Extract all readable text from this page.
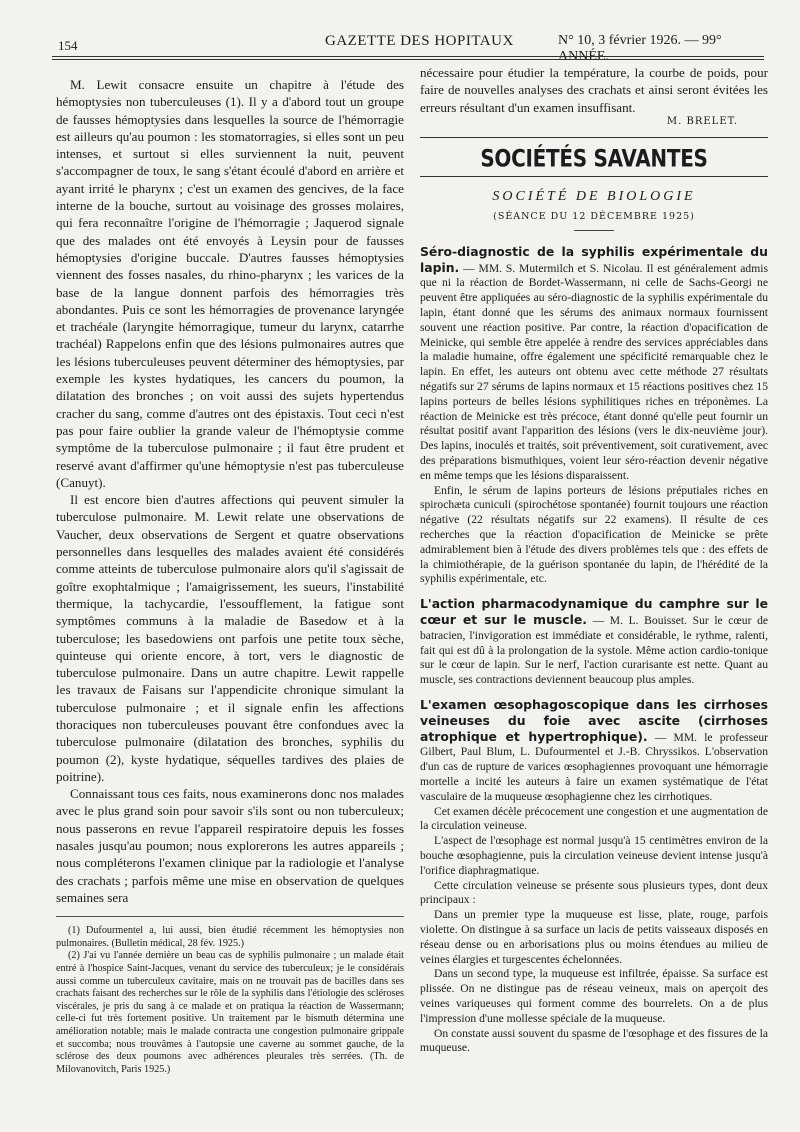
154	GAZETTE DES HOPITAUX	N° 10, 3 février 1926. — 99° ANNÉE.

M. Lewit consacre ensuite un chapitre à l'étude des hémoptysies non tuberculeuses (1). Il y a d'abord tout un groupe de fausses hémoptysies dans lesquelles la source de l'hémorragie est ailleurs qu'au poumon : les stomatorragies, si elles sont un peu intenses, et surtout si elles surviennent la nuit, peuvent s'accompagner de toux, le sang s'étant écoulé d'abord en arrière et ayant irrité le pharynx ; c'est un examen des gencives, de la face interne de la bouche, surtout au voisinage des grosses molaires, qui fera reconnaître l'origine de l'hémorragie ; Jaquerod signale que des malades ont été envoyés à Leysin pour de fausses hémoptysies d'origine buccale. D'autres fausses hémoptysies viennent des fosses nasales, du rhino-pharynx ; les varices de la base de la langue donnent parfois des hémorragies très abondantes. Puis ce sont les hémorragies de provenance laryngée et trachéale (laryngite hémorragique, tumeur du larynx, catarrhe trachéal) Rappelons enfin que des lésions pulmonaires autres que les lésions tuberculeuses peuvent déterminer des hémoptysies, par exemple les kystes hydatiques, les cancers du poumon, la dilatation des bronches ; on voit aussi des sujets hypertendus cracher du sang, comme d'autres ont des épistaxis. Tout ceci n'est pas pour faire oublier la grande valeur de l'hémoptysie comme symptôme de la tuberculose pulmonaire ; il faut être prudent et reservé avant d'affirmer qu'une hémoptysie n'est pas tuberculeuse (Canuyt).

Il est encore bien d'autres affections qui peuvent simuler la tuberculose pulmonaire. M. Lewit relate une observations de Vaucher, deux observations de Sergent et quatre observations personnelles dans lesquelles des malades avaient été considérés comme atteints de tuberculose pulmonaire alors qu'il s'agissait de goître exophtalmique ; l'amaigrissement, les sueurs, l'instabilité thermique, la tachycardie, l'essoufflement, la fatigue sont symptômes communs à la maladie de Basedow et à la tuberculose; les basedowiens ont parfois une petite toux sèche, quinteuse qui oriente encore, à tort, vers le diagnostic de tuberculose pulmonaire. Dans un autre chapitre. Lewit rappelle les travaux de Faisans sur l'appendicite chronique simulant la tuberculose pulmonaire ; et il signale enfin les affections thoraciques non tuberculeuses pouvant être confondues avec la tuberculose pulmonaire (dilatation des bronches, syphilis du poumon (2), kyste hydatique, séquelles tardives des plaies de poitrine).

Connaissant tous ces faits, nous examinerons donc nos malades avec le plus grand soin pour savoir s'ils sont ou non tuberculeux; nous passerons en revue l'appareil respiratoire depuis les fosses nasales jusqu'au poumon; nous explorerons les autres appareils ; nous compléterons l'examen clinique par la radiologie et l'analyse des crachats ; parfois même une mise en observation de quelques semaines sera

(1) Dufourmentel a, lui aussi, bien étudié récemment les hémoptysies non pulmonaires. (Bulletin médical, 28 fév. 1925.)

(2) J'ai vu l'année dernière un beau cas de syphilis pulmonaire ; un malade était entré à l'hospice Saint-Jacques, venant du service des tuberculeux; je le considérais aussi comme un tuberculeux cavitaire, mais on ne trouvait pas de bacilles dans ses crachats faisant des recherches sur le rôle de la syphilis dans l'étiologie des scléroses viscérales, je pris du sang à ce malade et on pratiqua la réaction de Wassermann; celle-ci fut très fortement positive. Un traitement par le bismuth détermina une amélioration notable; mais le malade contracta une congestion pulmonaire grippale et succomba; nous trouvâmes à l'autopsie une caverne au sommet gauche, de la sclérose des deux poumons avec adhérences pleurales très serrées. (Th. de Milovanovitch, Paris 1925.)

nécessaire pour étudier la température, la courbe de poids, pour faire de nouvelles analyses des crachats et ainsi seront évitées les erreurs résultant d'un examen insuffisant.

M. BRELET.
SOCIÉTÉS SAVANTES
SOCIÉTÉ DE BIOLOGIE
(SÉANCE DU 12 DÉCEMBRE 1925)

Séro-diagnostic de la syphilis expérimentale du lapin. — MM. S. Mutermilch et S. Nicolau. Il est généralement admis que ni la réaction de Bordet-Wassermann, ni celle de Sachs-Georgi ne peuvent être appliquées au séro-diagnostic de la syphilis expérimentale du lapin, étant donné que les sérums des animaux normaux fournissent souvent une réaction positive. Par contre, la réaction d'opacification de Meinicke, qui semble être appelée à rendre des services appréciables dans la maladie humaine, offre également une spécificité remarquable chez le lapin. En effet, les auteurs ont obtenu avec cette méthode 27 résultats négatifs sur 27 sérums de lapins normaux et 15 réactions positives chez 15 lapins porteurs de belles lésions syphilitiques riches en tréponèmes. La réaction de Meinicke est très précoce, étant donné qu'elle peut fournir un résultat positif avant l'apparition des lésions (vers le dix-neuvième jour). Des lapins, inoculés et traités, soit préventivement, soit curativement, avec des préparations bismuthiques, voient leur séro-réaction devenir négative en même temps que les lésions disparaissent.

Enfin, le sérum de lapins porteurs de lésions préputiales riches en spirochæta cuniculi (spirochétose spontanée) fournit toujours une réaction négative (22 résultats négatifs sur 22 examens). Il résulte de ces recherches que la réaction d'opacification de Meinicke se prête admirablement bien à l'étude des divers problèmes tels que : des effets de la chimiothérapie, de la guérison spontanée du lapin, de l'hérédité de la syphilis expérimentale, etc.

L'action pharmacodynamique du camphre sur le cœur et sur le muscle. — M. L. Bouisset. Sur le cœur de batracien, l'invigoration est immédiate et considérable, le rythme, ralenti, fait qui est dû à la prolongation de la systole. Même action cardio-tonique sur le cœur de lapin. Sur le nerf, l'action curarisante est nette. Quant au muscle, ses contractions deviennent beaucoup plus amples.

L'examen œsophagoscopique dans les cirrhoses veineuses du foie avec ascite (cirrhoses atrophique et hypertrophique). — MM. le professeur Gilbert, Paul Blum, L. Dufourmentel et J.-B. Chryssikos. L'observation d'un cas de rupture de varices œsophagiennes provoquant une hémorragie mortelle a incité les auteurs à faire un examen systématique de l'état vasculaire de la muqueuse œsophagienne chez les cirrhotiques.

Cet examen décèle précocement une congestion et une augmentation de la circulation veineuse.

L'aspect de l'œsophage est normal jusqu'à 15 centimètres environ de la bouche œsophagienne, puis la circulation veineuse devient intense jusqu'à l'orifice diaphragmatique.

Cette circulation veineuse se présente sous plusieurs types, dont deux principaux :

Dans un premier type la muqueuse est lisse, plate, rouge, parfois violette. On distingue à sa surface un lacis de petits vaisseaux disposés en réseau dense ou en arborisations plus ou moins étendues au milieu de veines élargies et turgescentes échelonnées.

Dans un second type, la muqueuse est infiltrée, épaisse. Sa surface est plissée. On ne distingue pas de réseau veineux, mais on aperçoit des veines variqueuses qui forment comme des bourrelets. On a de plus l'impression d'une mollesse spéciale de la muqueuse.

On constate aussi souvent du spasme de l'œsophage et des fissures de la muqueuse.
